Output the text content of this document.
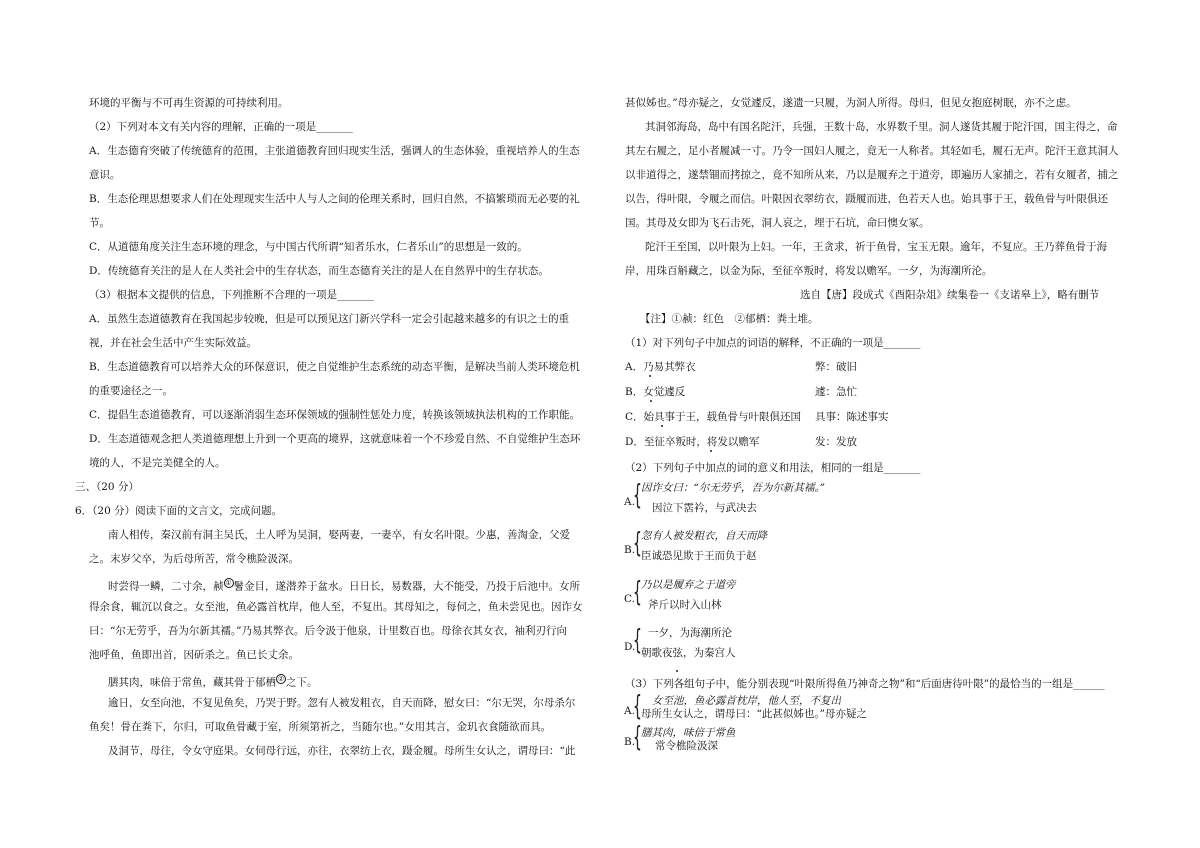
环境的平衡与不可再生资源的可持续利用。
（2）下列对本文有关内容的理解，正确的一项是_______
A．生态德育突破了传统德育的范围，主张道德教育回归现实生活，强调人的生态体验，重视培养人的生态
意识。
B．生态伦理思想要求人们在处理现实生活中人与人之间的伦理关系时，回归自然，不搞繁琐而无必要的礼
节。
C．从道德角度关注生态环境的理念，与中国古代所谓“知者乐水，仁者乐山”的思想是一致的。
D．传统德育关注的是人在人类社会中的生存状态，而生态德育关注的是人在自然界中的生存状态。
（3）根据本文提供的信息，下列推断不合理的一项是_______
A．虽然生态道德教育在我国起步较晚，但是可以预见这门新兴学科一定会引起越来越多的有识之士的重
视，并在社会生活中产生实际效益。
B．生态道德教育可以培养大众的环保意识，使之自觉维护生态系统的动态平衡，是解决当前人类环境危机
的重要途径之一。
C．提倡生态道德教育，可以逐渐消弱生态环保领域的强制性惩处力度，转换该领域执法机构的工作职能。
D．生态道德观念把人类道德理想上升到一个更高的境界，这就意味着一个不珍爱自然、不自觉维护生态环
境的人，不是完美健全的人。
三、（20 分）
6．（20 分）阅读下面的文言文，完成问题。
南人相传，秦汉前有洞主吴氏，土人呼为吴洞，娶两妻，一妻卒，有女名叶限。少惠，善淘金，父爱
之。末岁父卒，为后母所苦，常令樵险汲深。
时尝得一鳞，二寸余，赪 ① 鬐金目，遂潜养于盆水。日日长，易数器，大不能受，乃投于后池中。女所
得余食，辄沉以食之。女至池，鱼必露首枕岸，他人至，不复出。其母知之，每伺之，鱼未尝见也。因诈女
曰：“尔无劳乎，吾为尔新其襦。”乃易其弊衣。后令汲于他泉，计里数百也。母徐衣其女衣，袖利刃行向
池呼鱼，鱼即出首，因斫杀之。鱼已长丈余。
膳其肉，味倍于常鱼，藏其骨于郁栖 ② 之下。
逾日，女至向池，不复见鱼矣，乃哭于野。忽有人被发粗衣，自天而降，慰女曰：“尔无哭，尔母杀尔
鱼矣！骨在粪下，尔归，可取鱼骨藏于室，所须第祈之，当随尔也。”女用其言，金玑衣食随欲而具。
及洞节，母往，令女守庭果。女伺母行远，亦往，衣翠纺上衣，蹑金履。母所生女认之，谓母曰：“此
甚似姊也。”母亦疑之，女觉遽反，遂遗一只履，为洞人所得。母归，但见女抱庭树眠，亦不之虑。
其洞邻海岛，岛中有国名陀汗，兵强，王数十岛，水界数千里。洞人遂货其履于陀汗国，国主得之，命
其左右履之，足小者履减一寸。乃令一国妇人履之，竟无一人称者。其轻如毛，履石无声。陀汗王意其洞人
以非道得之，遂禁锢而拷掠之，竟不知所从来，乃以是履弃之于道旁，即遍历人家捕之，若有女履者，捕之
以告，得叶限，令履之而信。叶限因衣翠纺衣，蹑履而进，色若天人也。始具事于王，载鱼骨与叶限俱还
国。其母及女即为飞石击死，洞人哀之，埋于石坑，命曰懊女冢。
陀汗王至国，以叶限为上妇。一年，王贪求，祈于鱼骨，宝玉无限。逾年，不复应。王乃葬鱼骨于海
岸，用珠百斛藏之，以金为际，至征卒叛时，将发以赡军。一夕，为海潮所沦。
选自【唐】段成式《酉阳杂俎》续集卷一《支诺皋上》，略有删节
【注】①赪：红色　②郁栖：粪土堆。
（1）对下列句子中加点的词语的解释，不正确的一项是_______
A．乃易其弊衣	弊：破旧
B．女觉遽反	遽：急忙
C．始具事于王，载鱼骨与叶限俱还国 具事：陈述事实
D．至征卒叛时，将发以赡军	发：发放
（2）下列句子中加点的词的意义和用法，相同的一组是_______
A.
{ 因诈女曰：“尔无劳乎，吾为尔新其襦。”
因泣下霑衿，与武决去
B.
{ 忽有人被发粗衣，自天而降
臣诚恐见欺于王而负于赵
C.
{ 乃以是履弃之于道旁
斧斤以时入山林
D.
{ 一夕，为海潮所沦
朝歌夜弦，为秦宫人
（3）下列各组句子中，能分别表现“叶限所得鱼乃神奇之物”和“后面唐待叶限”的最恰当的一组是______
A.
{ 女至池，鱼必露首枕岸，他人至，不复出
母所生女认之，谓母曰：“此甚似姊也。”母亦疑之
B.
{ 膳其肉，味倍于常鱼
常令樵险汲深
